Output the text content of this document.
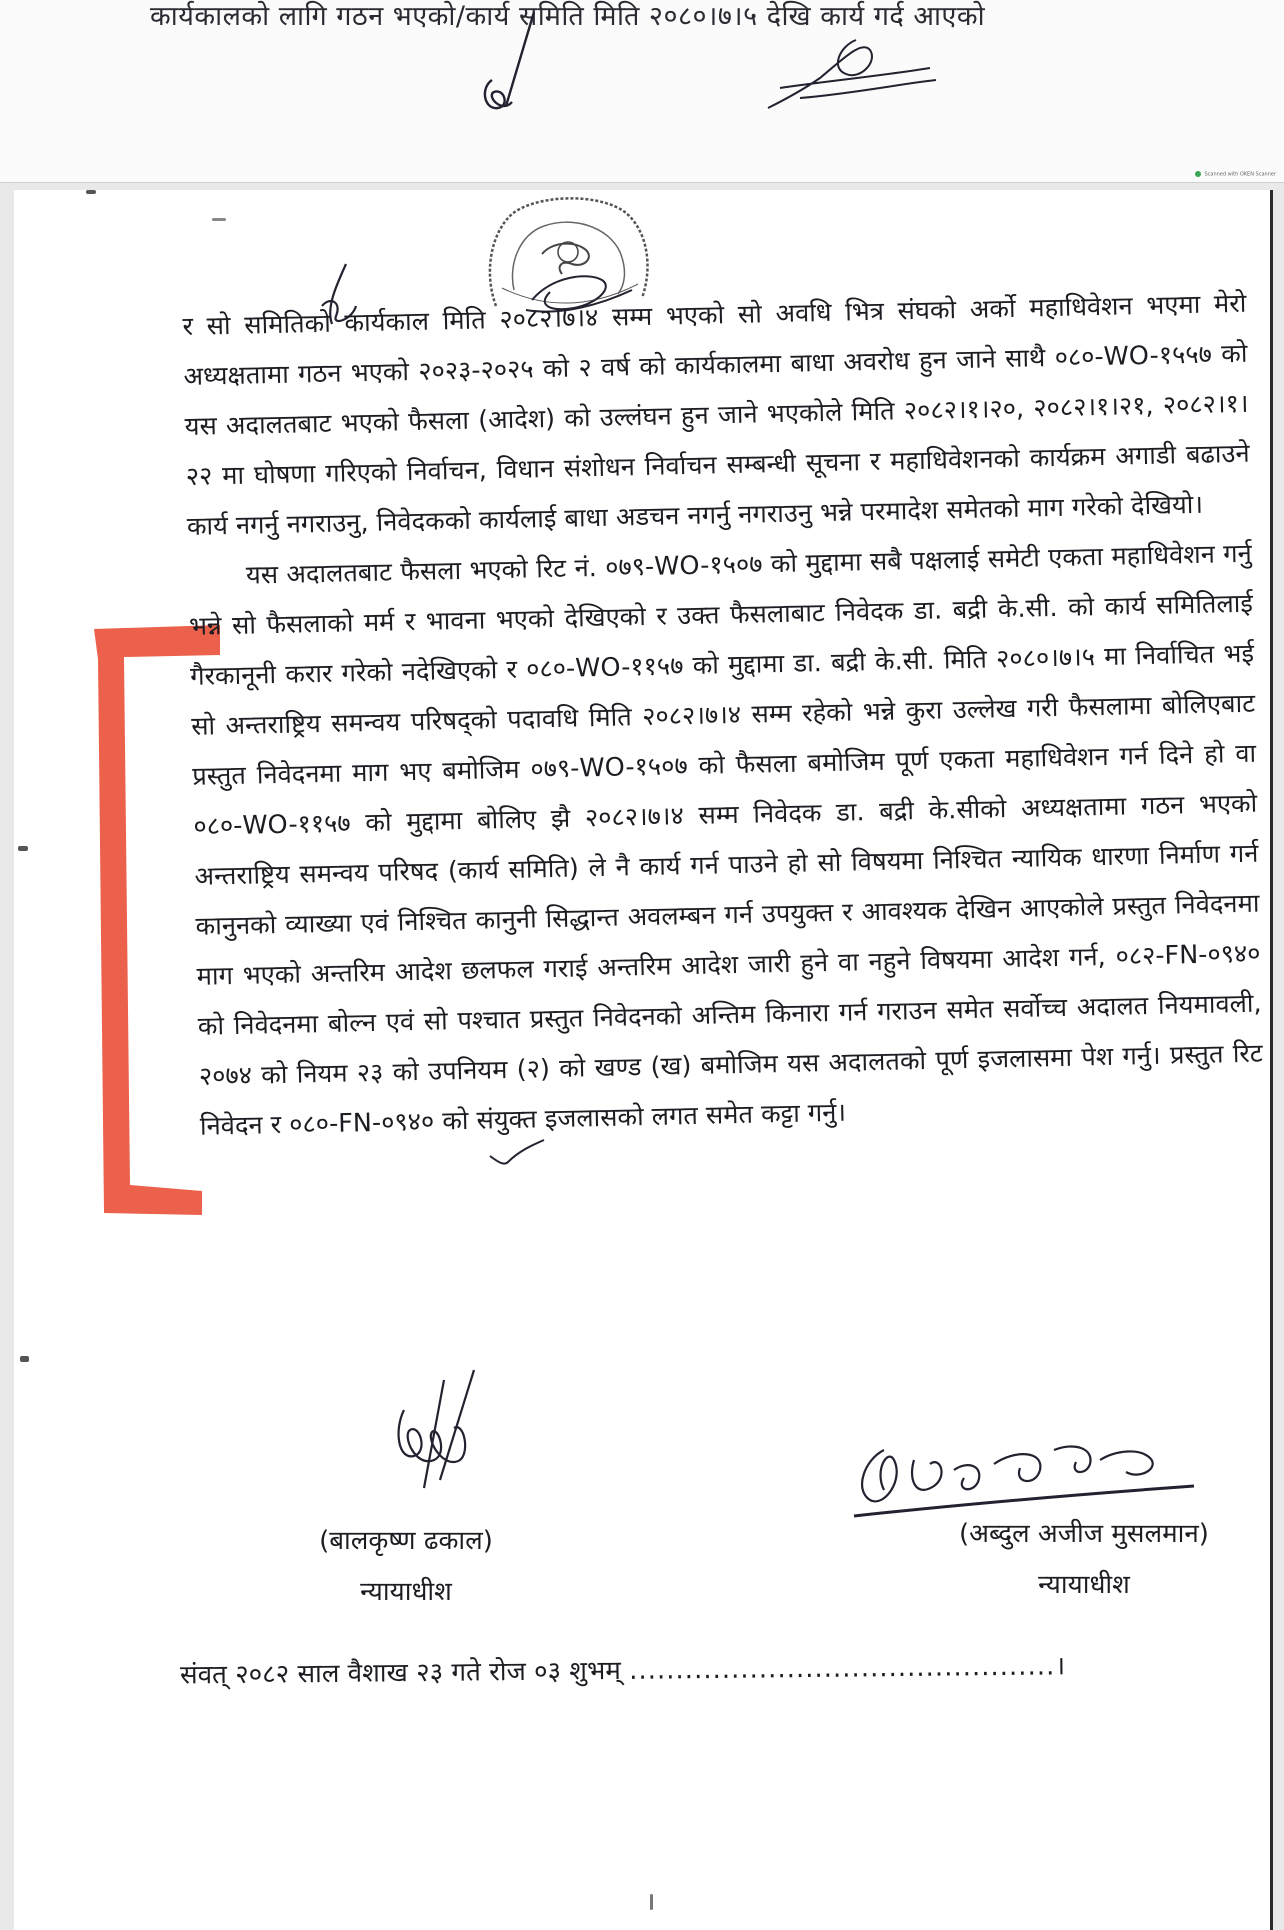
कार्यकालको लागि गठन भएको/कार्य समिति मिति २०८०।७।५ देखि कार्य गर्द आएको
Scanned with OKEN Scanner

र सो समितिको कार्यकाल मिति २०८२।७।४ सम्म भएको सो अवधि भित्र संघको अर्को महाधिवेशन भएमा मेरो अध्यक्षतामा गठन भएको २०२३-२०२५ को २ वर्ष को कार्यकालमा बाधा अवरोध हुन जाने साथै ०८०-WO-१५५७ को यस अदालतबाट भएको फैसला (आदेश) को उल्लंघन हुन जाने भएकोले मिति २०८२।१।२०, २०८२।१।२१, २०८२।१।२२ मा घोषणा गरिएको निर्वाचन, विधान संशोधन निर्वाचन सम्बन्धी सूचना र महाधिवेशनको कार्यक्रम अगाडी बढाउने कार्य नगर्नु नगराउनु, निवेदकको कार्यलाई बाधा अडचन नगर्नु नगराउनु भन्ने परमादेश समेतको माग गरेको देखियो।

यस अदालतबाट फैसला भएको रिट नं. ०७९-WO-१५०७ को मुद्दामा सबै पक्षलाई समेटी एकता महाधिवेशन गर्नु भन्ने सो फैसलाको मर्म र भावना भएको देखिएको र उक्त फैसलाबाट निवेदक डा. बद्री के.सी. को कार्य समितिलाई गैरकानूनी करार गरेको नदेखिएको र ०८०-WO-११५७ को मुद्दामा डा. बद्री के.सी. मिति २०८०।७।५ मा निर्वाचित भई सो अन्तराष्ट्रिय समन्वय परिषद्को पदावधि मिति २०८२।७।४ सम्म रहेको भन्ने कुरा उल्लेख गरी फैसलामा बोलिएबाट प्रस्तुत निवेदनमा माग भए बमोजिम ०७९-WO-१५०७ को फैसला बमोजिम पूर्ण एकता महाधिवेशन गर्न दिने हो वा ०८०-WO-११५७ को मुद्दामा बोलिए झै २०८२।७।४ सम्म निवेदक डा. बद्री के.सीको अध्यक्षतामा गठन भएको अन्तराष्ट्रिय समन्वय परिषद (कार्य समिति) ले नै कार्य गर्न पाउने हो सो विषयमा निश्चित न्यायिक धारणा निर्माण गर्न कानुनको व्याख्या एवं निश्चित कानुनी सिद्धान्त अवलम्बन गर्न उपयुक्त र आवश्यक देखिन आएकोले प्रस्तुत निवेदनमा माग भएको अन्तरिम आदेश छलफल गराई अन्तरिम आदेश जारी हुने वा नहुने विषयमा आदेश गर्न, ०८२-FN-०९४० को निवेदनमा बोल्न एवं सो पश्चात प्रस्तुत निवेदनको अन्तिम किनारा गर्न गराउन समेत सर्वोच्च अदालत नियमावली, २०७४ को नियम २३ को उपनियम (२) को खण्ड (ख) बमोजिम यस अदालतको पूर्ण इजलासमा पेश गर्नु। प्रस्तुत रिट निवेदन र ०८०-FN-०९४० को संयुक्त इजलासको लगत समेत कट्टा गर्नु।

(बालकृष्ण ढकाल)
न्यायाधीश
(अब्दुल अजीज मुसलमान)
न्यायाधीश
संवत् २०८२ साल वैशाख २३ गते रोज ०३ शुभम् ..............................................।
